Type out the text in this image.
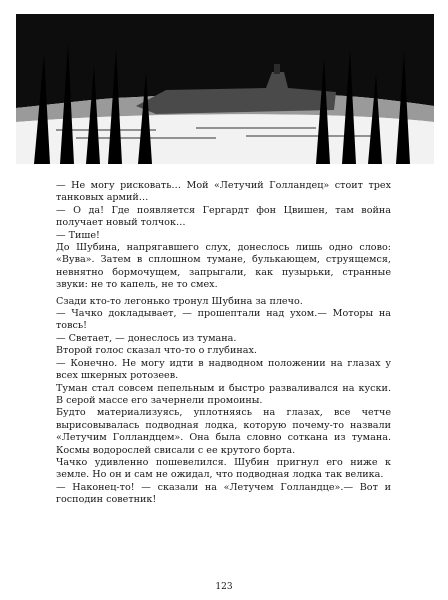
— Не могу рисковать… Мой «Летучий Голландец» стоит трех танковых армий…

— О да! Где появляется Гергардт фон Цвишен, там война получает новый толчок…

— Тише!

До Шубина, напрягавшего слух, донеслось лишь одно слово: «Вува». Затем в сплошном тумане, булькающем, струящемся, невнятно бормочущем, запрыгали, как пузырьки, странные звуки: не то капель, не то смех.

Сзади кто-то легонько тронул Шубина за плечо.

— Чачко докладывает, — прошептали над ухом.— Моторы на товсь!

— Светает, — донеслось из тумана.

Второй голос сказал что-то о глубинах.

— Конечно. Не могу идти в надводном положении на глазах у всех шкерных ротозеев.

Туман стал совсем пепельным и быстро разваливался на куски. В серой массе его зачернели промоины.

Будто материализуясь, уплотняясь на глазах, все четче вырисовывалась подводная лодка, которую почему-то назвали «Летучим Голландцем». Она была словно соткана из тумана. Космы водорослей свисали с ее крутого борта.

Чачко удивленно пошевелился. Шубин пригнул его ниже к земле. Но он и сам не ожидал, что подводная лодка так велика.

— Наконец-то! — сказали на «Летучем Голландце».— Вот и господин советник!

123
